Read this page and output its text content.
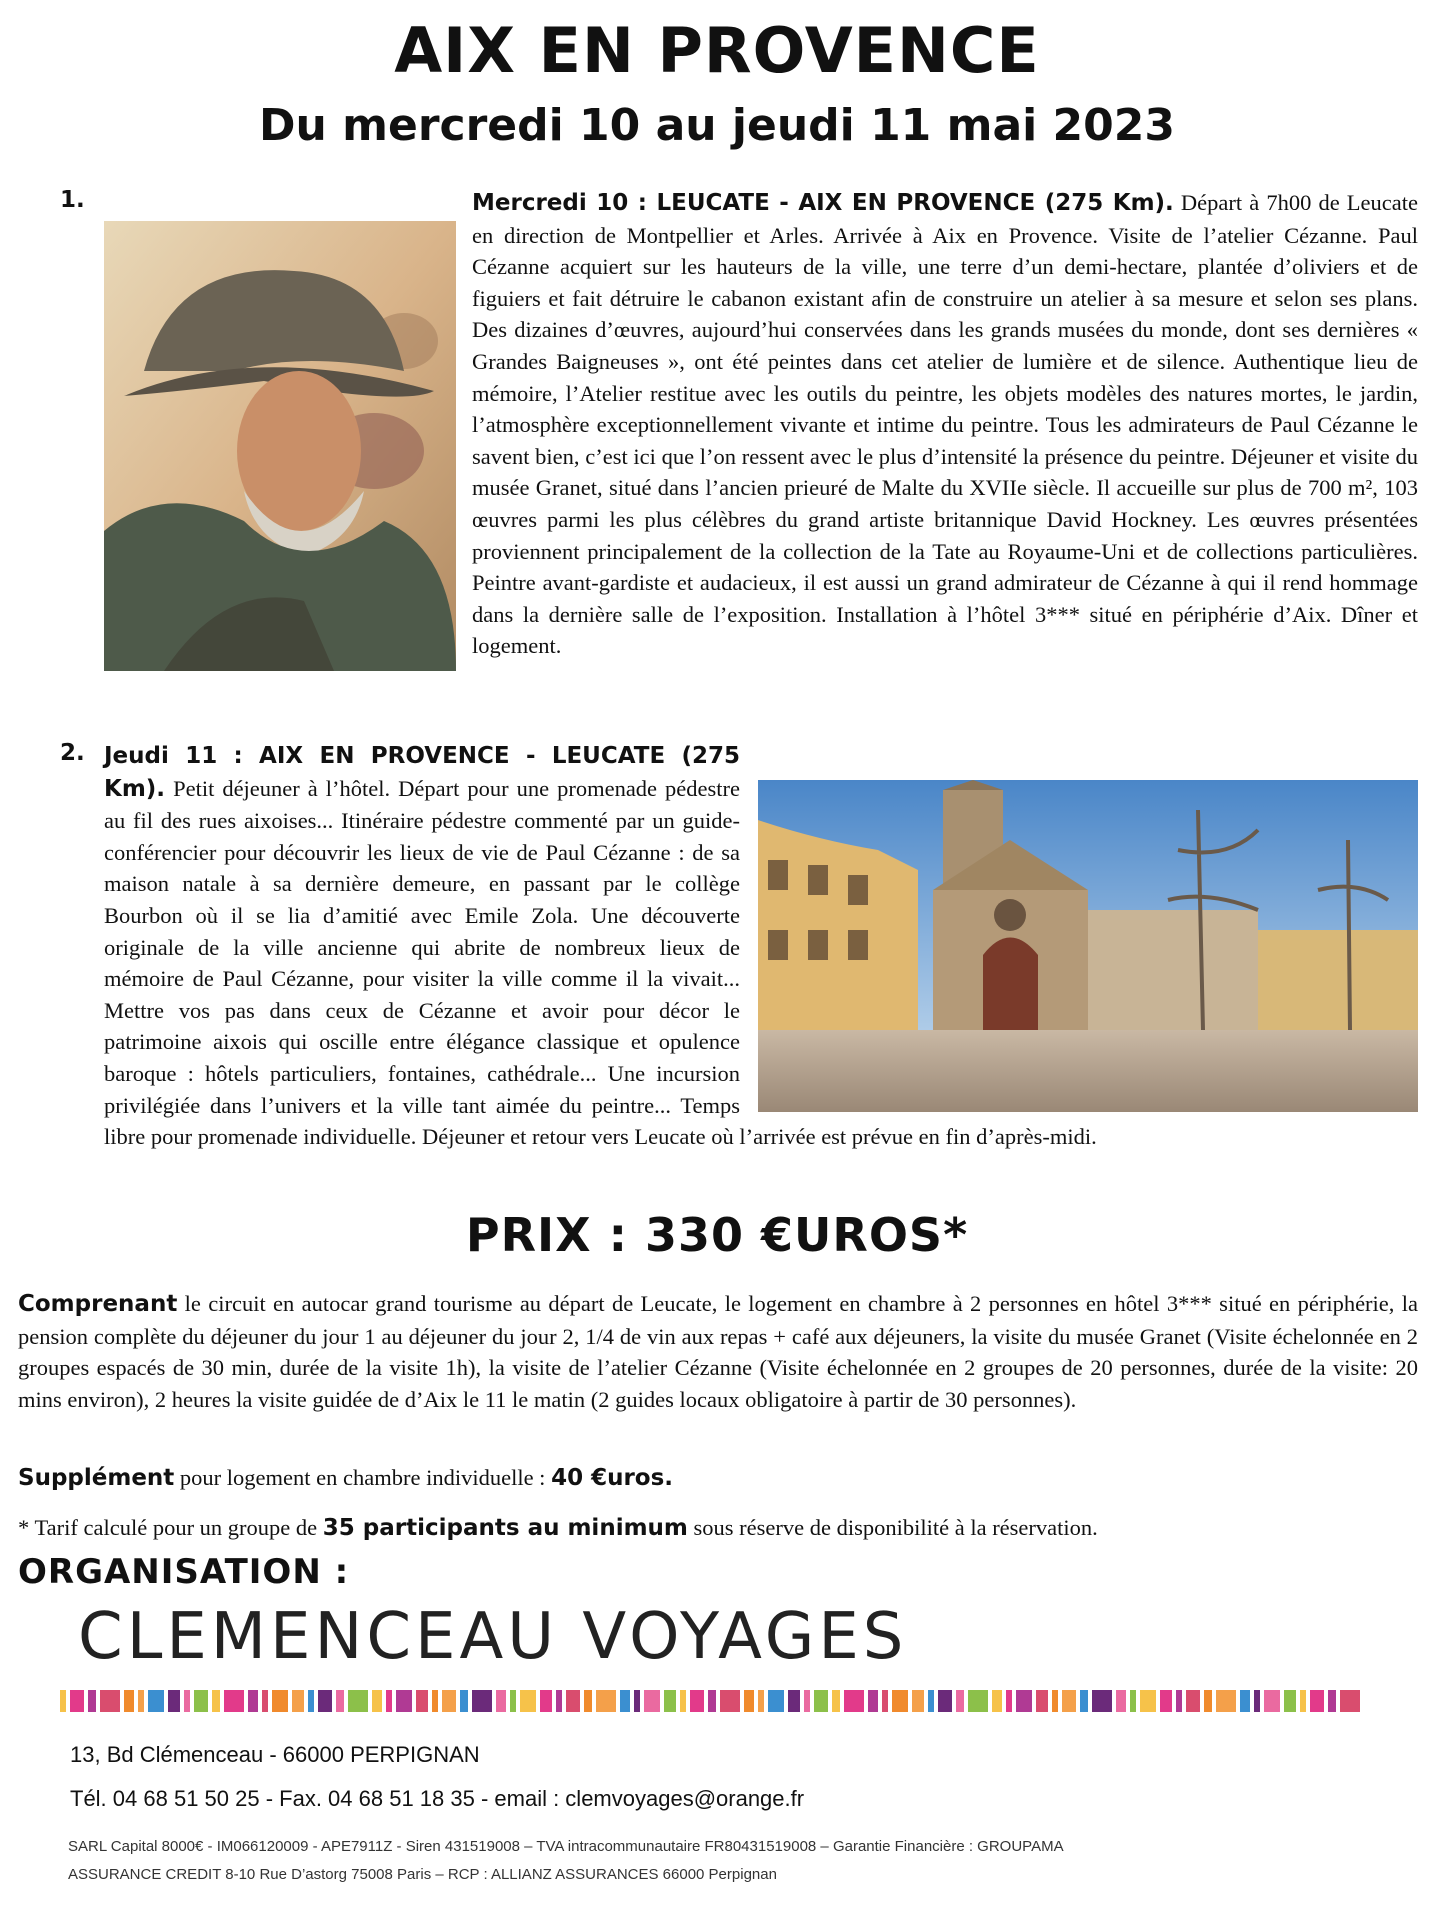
AIX EN PROVENCE
Du mercredi 10 au jeudi 11 mai 2023
1.	Mercredi 10 : LEUCATE - AIX EN PROVENCE (275 Km). Départ à 7h00 de Leucate en direction de Montpellier et Arles. Arrivée à Aix en Provence. Visite de l’atelier Cézanne. Paul Cézanne acquiert sur les hauteurs de la ville, une terre d’un demi-hectare, plantée d’oliviers et de figuiers et fait détruire le cabanon existant afin de construire un atelier à sa mesure et selon ses plans. Des dizaines d’œuvres, aujourd’hui conservées dans les grands musées du monde, dont ses dernières « Grandes Baigneuses », ont été peintes dans cet atelier de lumière et de silence. Authentique lieu de mémoire, l’Atelier restitue avec les outils du peintre, les objets modèles des natures mortes, le jardin, l’atmosphère exceptionnellement vivante et intime du peintre. Tous les admirateurs de Paul Cézanne le savent bien, c’est ici que l’on ressent avec le plus d’intensité la présence du peintre. Déjeuner et visite du musée Granet, situé dans l’ancien prieuré de Malte du XVIIe siècle. Il accueille sur plus de 700 m², 103 œuvres parmi les plus célèbres du grand artiste britannique David Hockney. Les œuvres présentées proviennent principalement de la collection de la Tate au Royaume-Uni et de collections particulières. Peintre avant-gardiste et audacieux, il est aussi un grand admirateur de Cézanne à qui il rend hommage dans la dernière salle de l’exposition. Installation à l’hôtel 3*** situé en périphérie d’Aix. Dîner et logement.
2. Jeudi 11 : AIX EN PROVENCE - LEUCATE (275 Km). Petit déjeuner à l’hôtel. Départ pour une promenade pédestre au fil des rues aixoises... Itinéraire pédestre commenté par un guide-conférencier pour découvrir les lieux de vie de Paul Cézanne : de sa maison natale à sa dernière demeure, en passant par le collège Bourbon où il se lia d’amitié avec Emile Zola. Une découverte originale de la ville ancienne qui abrite de nombreux lieux de mémoire de Paul Cézanne, pour visiter la ville comme il la vivait... Mettre vos pas dans ceux de Cézanne et avoir pour décor le patrimoine aixois qui oscille entre élégance classique et opulence baroque : hôtels particuliers, fontaines, cathédrale... Une incursion privilégiée dans l’univers et la ville tant aimée du peintre... Temps libre pour promenade individuelle. Déjeuner et retour vers Leucate où l’arrivée est prévue en fin d’après-midi.
PRIX : 330 €UROS*
Comprenant le circuit en autocar grand tourisme au départ de Leucate, le logement en chambre à 2 personnes en hôtel 3*** situé en périphérie, la pension complète du déjeuner du jour 1 au déjeuner du jour 2, 1/4 de vin aux repas + café aux déjeuners, la visite du musée Granet (Visite échelonnée en 2 groupes espacés de 30 min, durée de la visite 1h), la visite de l’atelier Cézanne (Visite échelonnée en 2 groupes de 20 personnes, durée de la visite: 20 mins environ), 2 heures la visite guidée de d’Aix le 11 le matin (2 guides locaux obligatoire à partir de 30 personnes).
Supplément pour logement en chambre individuelle : 40 €uros.
* Tarif calculé pour un groupe de 35 participants au minimum sous réserve de disponibilité à la réservation.
ORGANISATION :
CLEMENCEAU VOYAGES
13, Bd Clémenceau - 66000 PERPIGNAN
Tél. 04 68 51 50 25 - Fax. 04 68 51 18 35 - email : clemvoyages@orange.fr
SARL Capital 8000€ - IM066120009 - APE7911Z - Siren 431519008 – TVA intracommunautaire FR80431519008 – Garantie Financière : GROUPAMA
ASSURANCE CREDIT 8-10 Rue D’astorg 75008 Paris – RCP : ALLIANZ ASSURANCES 66000 Perpignan
